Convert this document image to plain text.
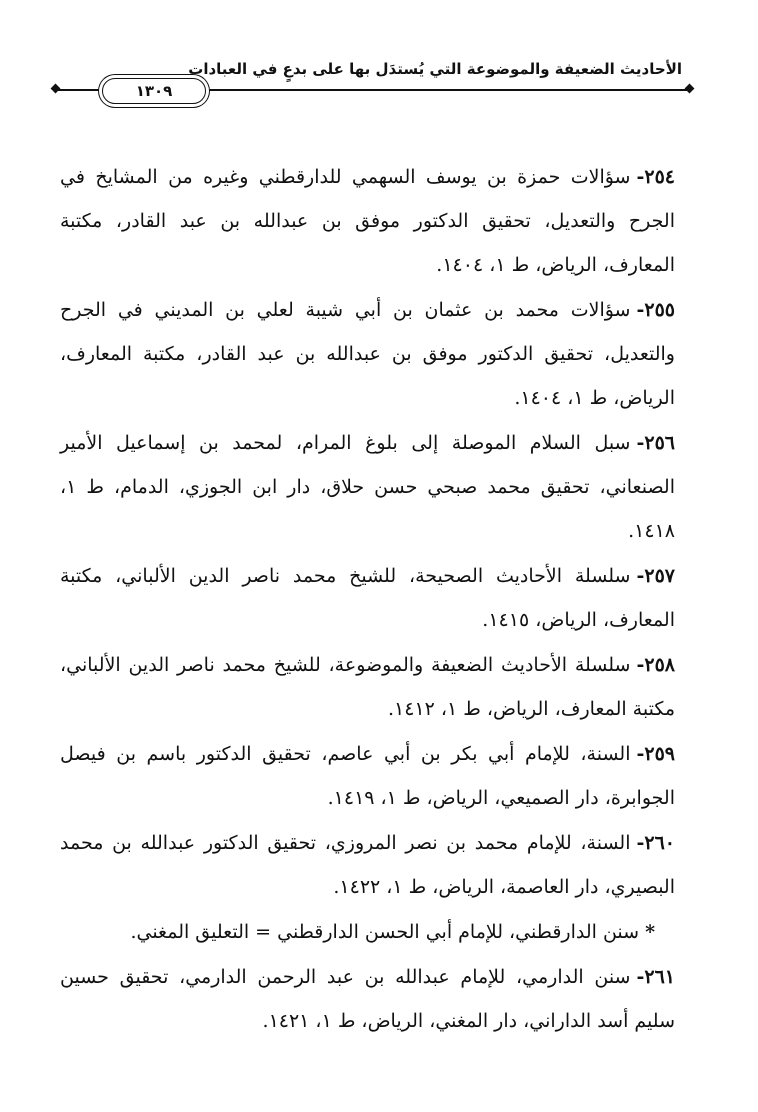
الأحاديث الضعيفة والموضوعة التي يُستدَل بها على بدعٍ في العبادات
١٣٠٩

٢٥٤-سؤالات حمزة بن يوسف السهمي للدارقطني وغيره من المشايخ في الجرح والتعديل، تحقيق الدكتور موفق بن عبدالله بن عبد القادر، مكتبة المعارف، الرياض، ط ١، ١٤٠٤.

٢٥٥-سؤالات محمد بن عثمان بن أبي شيبة لعلي بن المديني في الجرح والتعديل، تحقيق الدكتور موفق بن عبدالله بن عبد القادر، مكتبة المعارف، الرياض، ط ١، ١٤٠٤.

٢٥٦-سبل السلام الموصلة إلى بلوغ المرام، لمحمد بن إسماعيل الأمير الصنعاني، تحقيق محمد صبحي حسن حلاق، دار ابن الجوزي، الدمام، ط ١، ١٤١٨.

٢٥٧-سلسلة الأحاديث الصحيحة، للشيخ محمد ناصر الدين الألباني، مكتبة المعارف، الرياض، ١٤١٥.

٢٥٨-سلسلة الأحاديث الضعيفة والموضوعة، للشيخ محمد ناصر الدين الألباني، مكتبة المعارف، الرياض، ط ١، ١٤١٢.

٢٥٩-السنة، للإمام أبي بكر بن أبي عاصم، تحقيق الدكتور باسم بن فيصل الجوابرة، دار الصميعي، الرياض، ط ١، ١٤١٩.

٢٦٠-السنة، للإمام محمد بن نصر المروزي، تحقيق الدكتور عبدالله بن محمد البصيري، دار العاصمة، الرياض، ط ١، ١٤٢٢.

*سنن الدارقطني، للإمام أبي الحسن الدارقطني = التعليق المغني.

٢٦١-سنن الدارمي، للإمام عبدالله بن عبد الرحمن الدارمي، تحقيق حسين سليم أسد الداراني، دار المغني، الرياض، ط ١، ١٤٢١.
